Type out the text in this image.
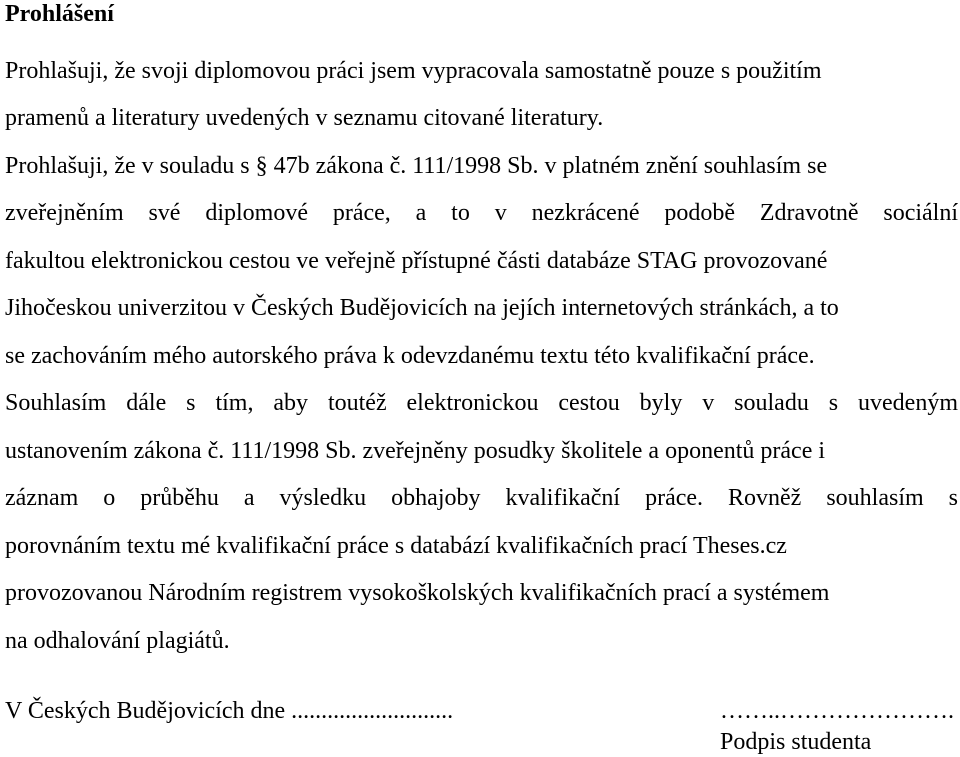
Prohlášení
Prohlašuji, že svoji diplomovou práci jsem vypracovala samostatně pouze s použitím
pramenů a literatury uvedených v seznamu citované literatury.
Prohlašuji, že v souladu s § 47b zákona č. 111/1998 Sb. v platném znění souhlasím se
zveřejněním své diplomové práce, a to v nezkrácené podobě Zdravotně sociální
fakultou elektronickou cestou ve veřejně přístupné části databáze STAG provozované
Jihočeskou univerzitou v Českých Budějovicích na jejích internetových stránkách, a to
se zachováním mého autorského práva k odevzdanému textu této kvalifikační práce.
Souhlasím dále s tím, aby toutéž elektronickou cestou byly v souladu s uvedeným
ustanovením zákona č. 111/1998 Sb. zveřejněny posudky školitele a oponentů práce i
záznam o průběhu a výsledku obhajoby kvalifikační práce. Rovněž souhlasím s
porovnáním textu mé kvalifikační práce s databází kvalifikačních prací Theses.cz
provozovanou Národním registrem vysokoškolských kvalifikačních prací a systémem
na odhalování plagiátů.
V Českých Budějovicích dne ...........................	……..………………….
Podpis studenta
